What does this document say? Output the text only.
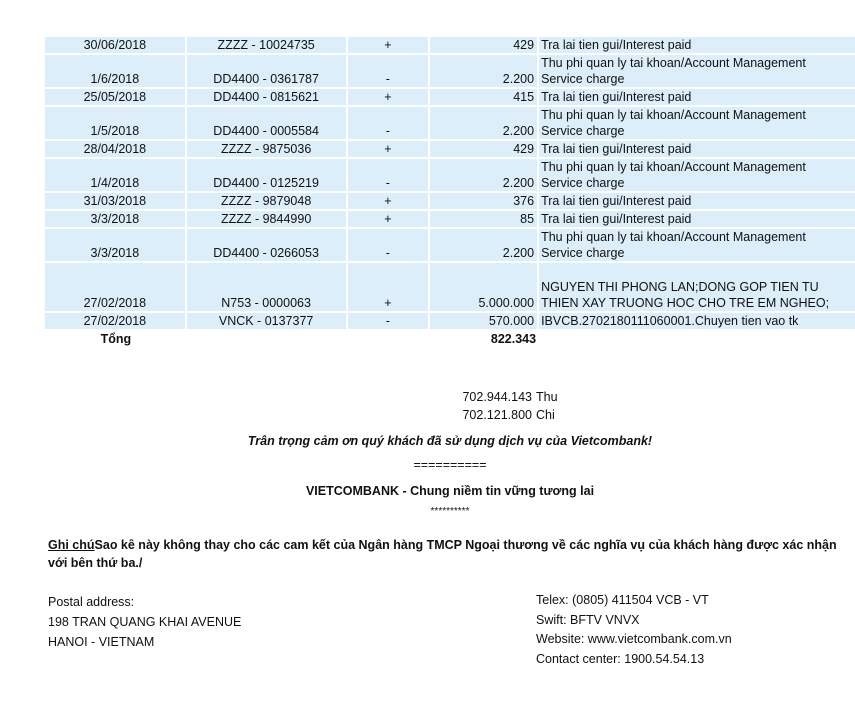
30/06/2018	ZZZZ - 10024735	+	429	Tra lai tien gui/Interest paid

1/6/2018	DD4400 - 0361787	-	2.200	Thu phi quan ly tai khoan/Account Management
Service charge

25/05/2018	DD4400 - 0815621	+	415	Tra lai tien gui/Interest paid

1/5/2018	DD4400 - 0005584	-	2.200	Thu phi quan ly tai khoan/Account Management
Service charge

28/04/2018	ZZZZ - 9875036	+	429	Tra lai tien gui/Interest paid

1/4/2018	DD4400 - 0125219	-	2.200	Thu phi quan ly tai khoan/Account Management
Service charge

31/03/2018	ZZZZ - 9879048	+	376	Tra lai tien gui/Interest paid

3/3/2018	ZZZZ - 9844990	+	85	Tra lai tien gui/Interest paid

3/3/2018	DD4400 - 0266053	-	2.200	Thu phi quan ly tai khoan/Account Management
Service charge

27/02/2018	N753 - 0000063	+	5.000.000	NGUYEN THI PHONG LAN;DONG GOP TIEN TU
THIEN XAY TRUONG HOC CHO TRE EM NGHEO;

27/02/2018	VNCK - 0137377	-	570.000	IBVCB.2702180111060001.Chuyen tien vao tk

Tổng			822.343	
702.944.143 Thu
702.121.800 Chi
Trân trọng cảm ơn quý khách đã sử dụng dịch vụ của Vietcombank!
==========
VIETCOMBANK - Chung niềm tin vững tương lai
**********
Ghi chúSao kê này không thay cho các cam kết của Ngân hàng TMCP Ngoại thương về các nghĩa vụ của khách hàng được xác nhận với bên thứ ba./
Postal address:
198 TRAN QUANG KHAI AVENUE
HANOI - VIETNAM
Telex: (0805) 411504 VCB - VT
Swift: BFTV VNVX
Website: www.vietcombank.com.vn
Contact center: 1900.54.54.13
